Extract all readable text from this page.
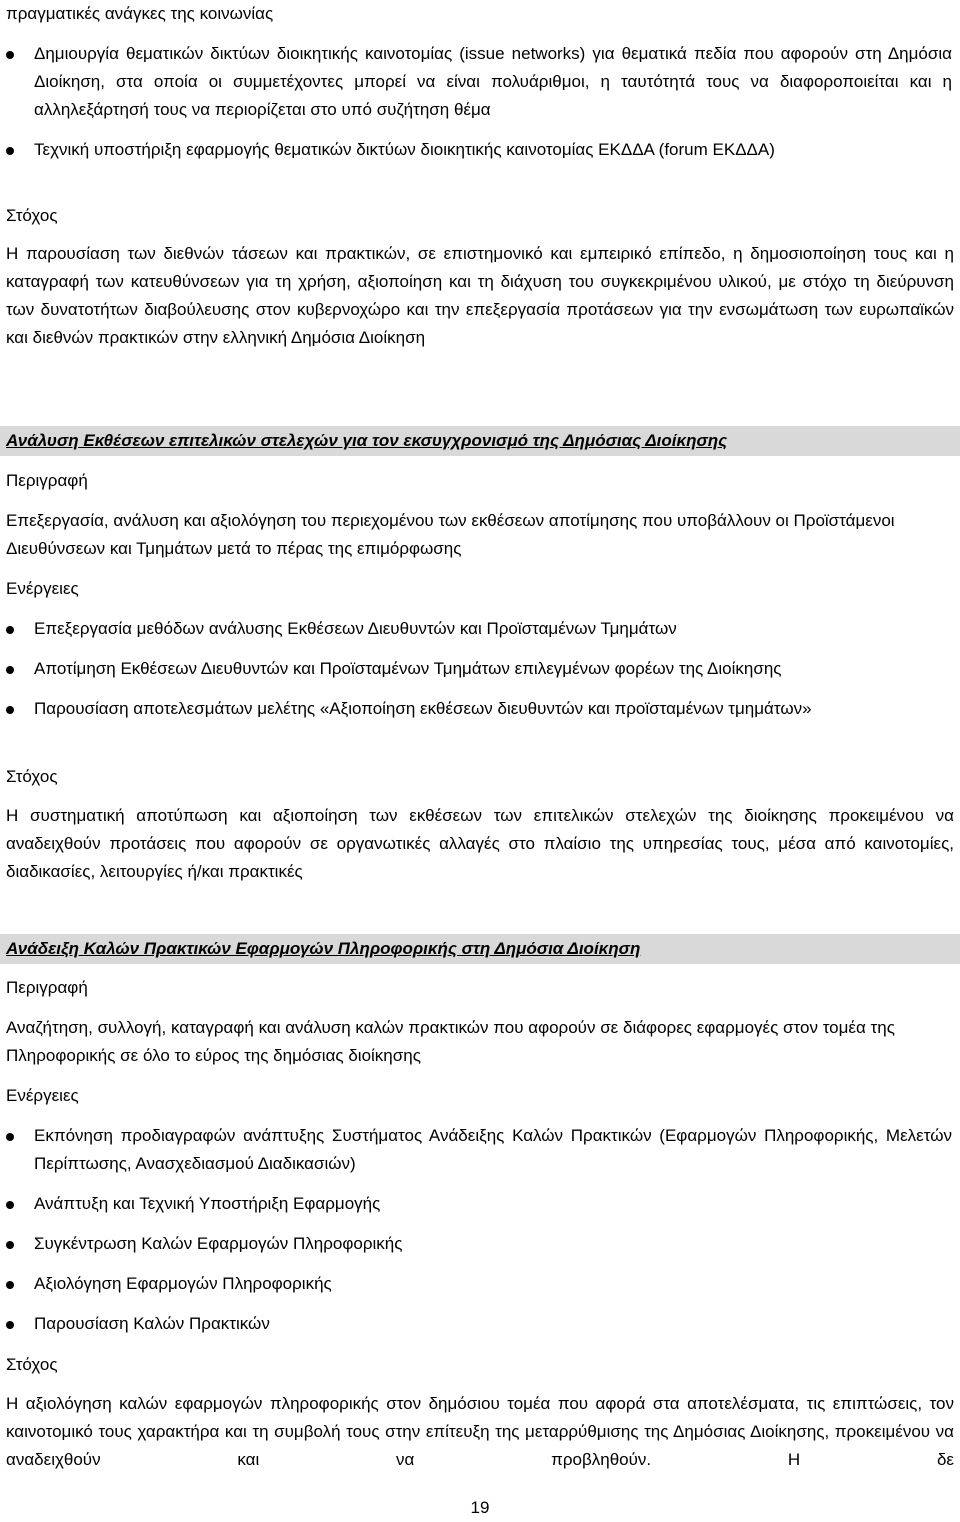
πραγματικές ανάγκες της κοινωνίας
Δημιουργία θεματικών δικτύων διοικητικής καινοτομίας (issue networks) για θεματικά πεδία που αφορούν στη Δημόσια Διοίκηση, στα οποία οι συμμετέχοντες μπορεί να είναι πολυάριθμοι, η ταυτότητά τους να διαφοροποιείται και η αλληλεξάρτησή τους να περιορίζεται στο υπό συζήτηση θέμα
Τεχνική υποστήριξη εφαρμογής θεματικών δικτύων διοικητικής καινοτομίας ΕΚΔΔΑ (forum ΕΚΔΔΑ)
Στόχος
Η παρουσίαση των διεθνών τάσεων και πρακτικών, σε επιστημονικό και εμπειρικό επίπεδο, η δημοσιοποίηση τους και η καταγραφή των κατευθύνσεων για τη χρήση, αξιοποίηση και τη διάχυση του συγκεκριμένου υλικού, με στόχο τη διεύρυνση των δυνατοτήτων διαβούλευσης στον κυβερνοχώρο και την επεξεργασία προτάσεων για την ενσωμάτωση των ευρωπαϊκών και διεθνών πρακτικών στην ελληνική Δημόσια Διοίκηση
Ανάλυση Εκθέσεων επιτελικών στελεχών για τον εκσυγχρονισμό της Δημόσιας Διοίκησης
Περιγραφή
Επεξεργασία, ανάλυση και αξιολόγηση του περιεχομένου των εκθέσεων αποτίμησης που υποβάλλουν οι Προϊστάμενοι Διευθύνσεων και Τμημάτων μετά το πέρας της επιμόρφωσης
Ενέργειες
Επεξεργασία μεθόδων ανάλυσης Εκθέσεων Διευθυντών και Προϊσταμένων Τμημάτων
Αποτίμηση Εκθέσεων Διευθυντών και Προϊσταμένων Τμημάτων επιλεγμένων φορέων της Διοίκησης
Παρουσίαση αποτελεσμάτων μελέτης «Αξιοποίηση εκθέσεων διευθυντών και προϊσταμένων τμημάτων»
Στόχος
Η συστηματική αποτύπωση και αξιοποίηση των εκθέσεων των επιτελικών στελεχών της διοίκησης προκειμένου να αναδειχθούν προτάσεις που αφορούν σε οργανωτικές αλλαγές στο πλαίσιο της υπηρεσίας τους, μέσα από καινοτομίες, διαδικασίες, λειτουργίες ή/και πρακτικές
Ανάδειξη Καλών Πρακτικών Εφαρμογών Πληροφορικής στη Δημόσια Διοίκηση
Περιγραφή
Αναζήτηση, συλλογή, καταγραφή και ανάλυση καλών πρακτικών που αφορούν σε διάφορες εφαρμογές στον τομέα της Πληροφορικής σε όλο το εύρος της δημόσιας διοίκησης
Ενέργειες
Εκπόνηση προδιαγραφών ανάπτυξης Συστήματος Ανάδειξης Καλών Πρακτικών (Εφαρμογών Πληροφορικής, Μελετών Περίπτωσης, Ανασχεδιασμού Διαδικασιών)
Ανάπτυξη και Τεχνική Υποστήριξη Εφαρμογής
Συγκέντρωση Καλών Εφαρμογών Πληροφορικής
Αξιολόγηση Εφαρμογών Πληροφορικής
Παρουσίαση Καλών Πρακτικών
Στόχος
Η αξιολόγηση καλών εφαρμογών πληροφορικής στον δημόσιου τομέα που αφορά στα αποτελέσματα, τις επιπτώσεις, τον καινοτομικό τους χαρακτήρα και τη συμβολή τους στην επίτευξη της μεταρρύθμισης της Δημόσιας Διοίκησης, προκειμένου να αναδειχθούν και να προβληθούν. Η δε
19
